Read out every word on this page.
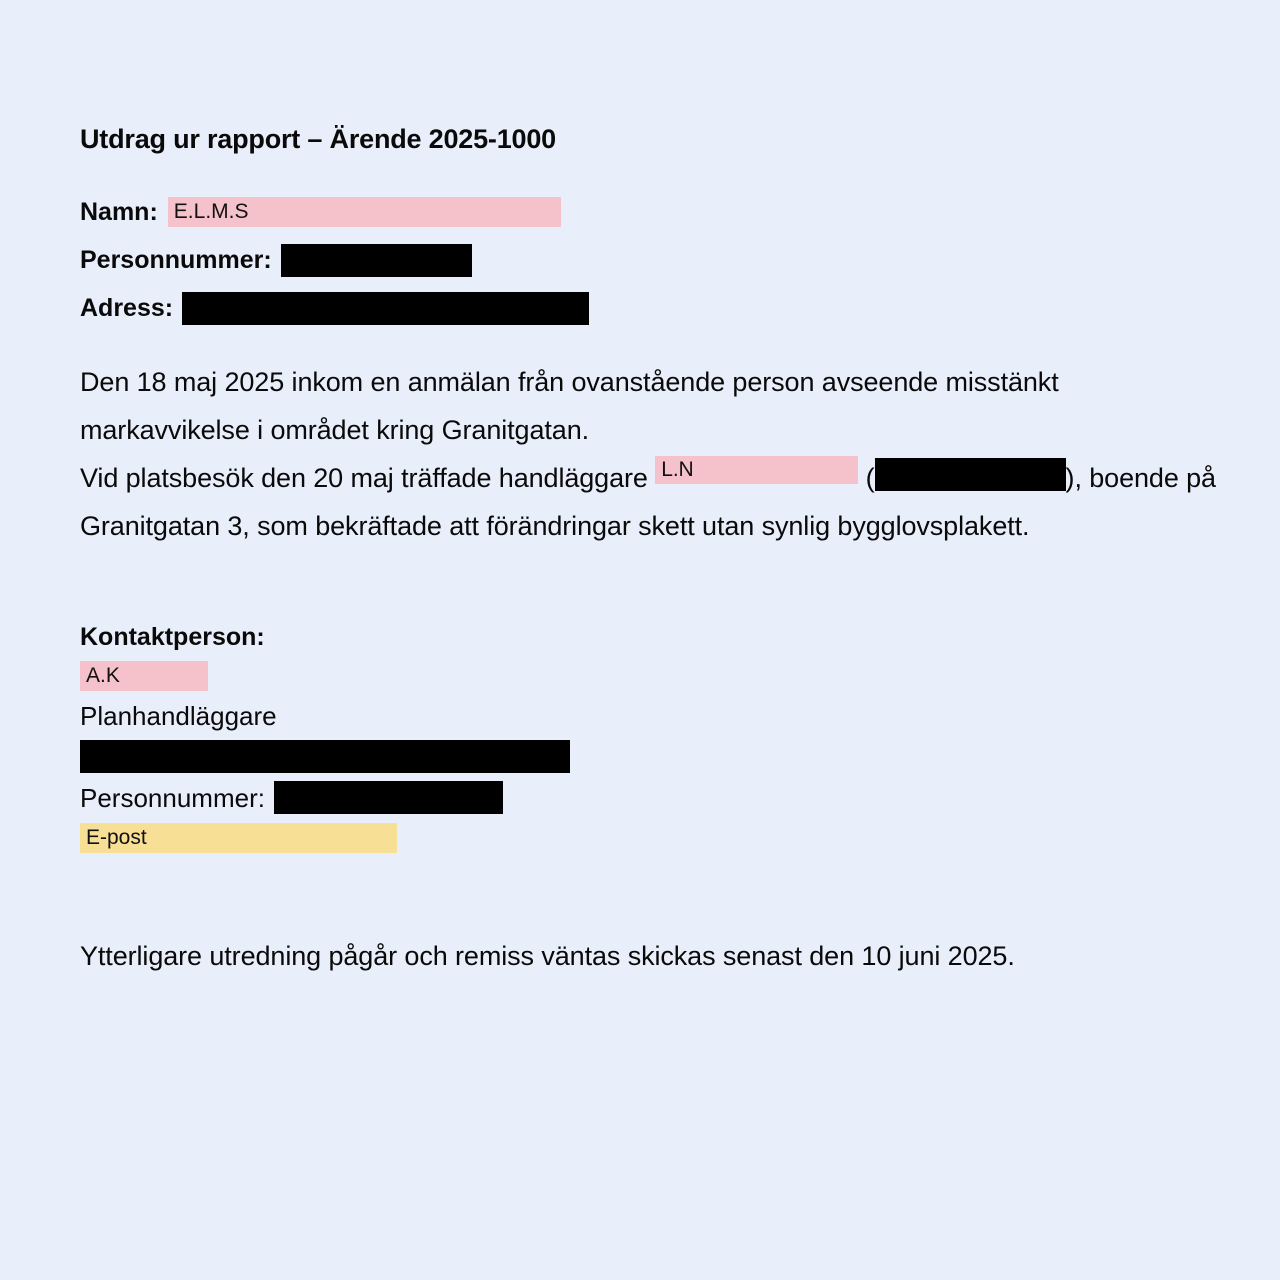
Utdrag ur rapport – Ärende 2025-1000
Namn: E.L.M.S
Personnummer:
Adress:
Den 18 maj 2025 inkom en anmälan från ovanstående person avseende misstänkt markavvikelse i området kring Granitgatan.
Vid platsbesök den 20 maj träffade handläggare L.N	(	), boende på Granitgatan 3, som bekräftade att förändringar skett utan synlig bygglovsplakett.
Kontaktperson:
A.K
Planhandläggare
Personnummer:
E-post
Ytterligare utredning pågår och remiss väntas skickas senast den 10 juni 2025.
